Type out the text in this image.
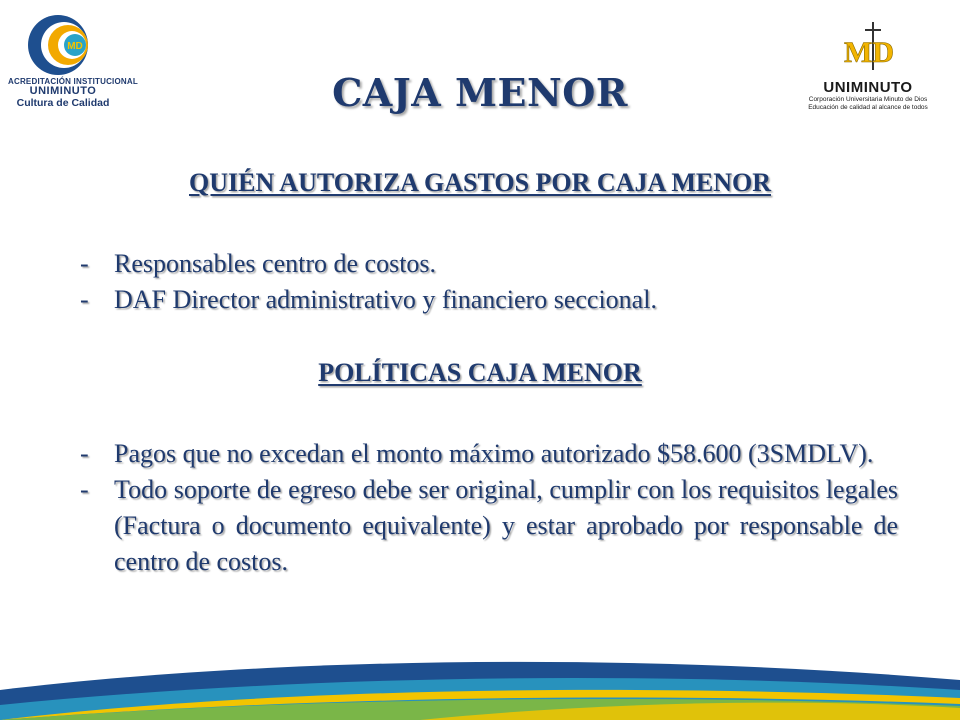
MD
ACREDITACIÓN INSTITUCIONAL
UNIMINUTO
Cultura de Calidad
MD
UNIMINUTO
Corporación Universitaria Minuto de Dios
Educación de calidad al alcance de todos
CAJA MENOR
QUIÉN AUTORIZA GASTOS POR CAJA MENOR
- Responsables centro de costos.
- DAF Director administrativo y financiero seccional.
POLÍTICAS CAJA MENOR
- Pagos que no excedan el monto máximo autorizado $58.600 (3SMDLV).
- Todo soporte de egreso debe ser original, cumplir con los requisitos legales (Factura o documento equivalente) y estar aprobado por responsable de centro de costos.
